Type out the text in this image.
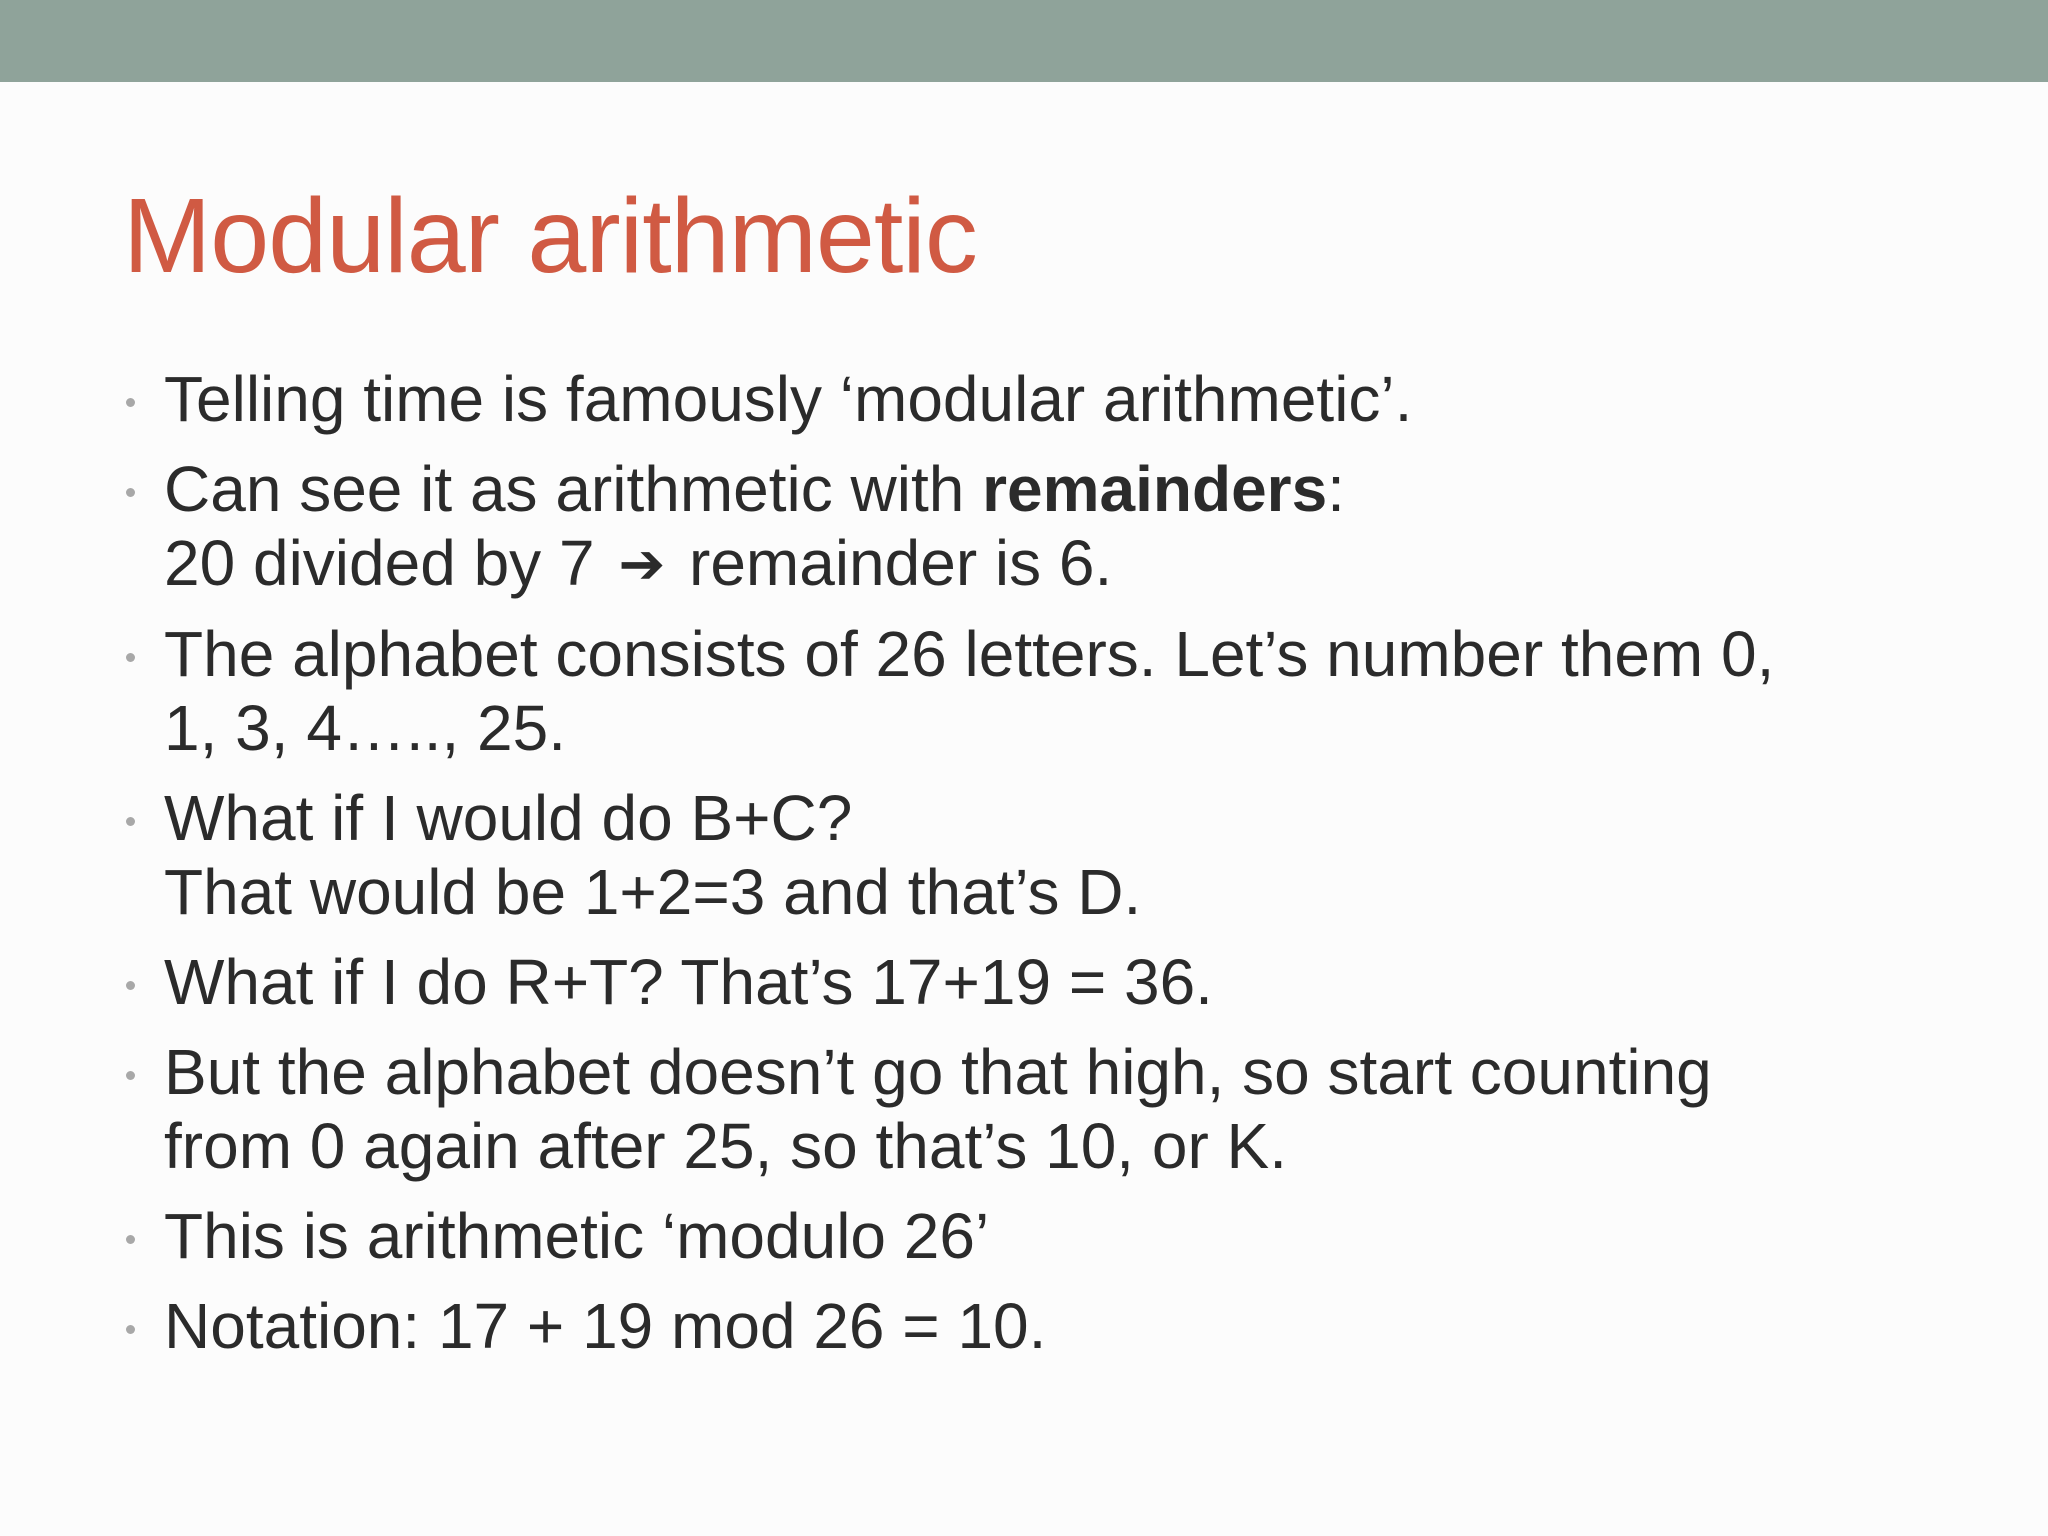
Modular arithmetic
Telling time is famously ‘modular arithmetic’.
Can see it as arithmetic with remainders:
20 divided by 7 ➔ remainder is 6.
The alphabet consists of 26 letters. Let’s number them 0,
1, 3, 4….., 25.
What if I would do B+C?
That would be 1+2=3 and that’s D.
What if I do R+T? That’s 17+19 = 36.
But the alphabet doesn’t go that high, so start counting
from 0 again after 25, so that’s 10, or K.
This is arithmetic ‘modulo 26’
Notation: 17 + 19 mod 26 = 10.
